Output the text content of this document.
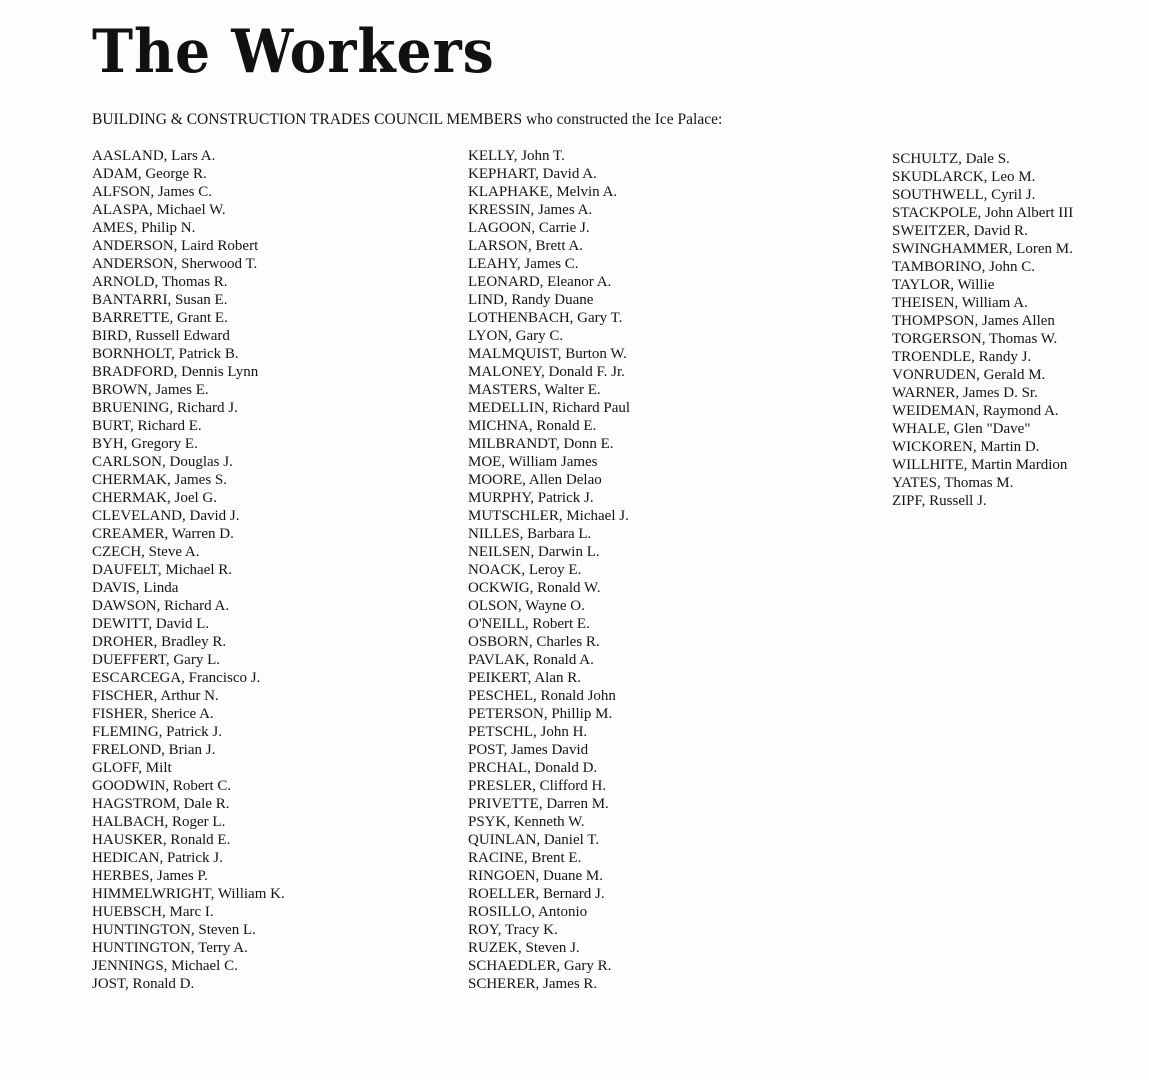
The Workers
BUILDING & CONSTRUCTION TRADES COUNCIL MEMBERS who constructed the Ice Palace:
AASLAND, Lars A.
ADAM, George R.
ALFSON, James C.
ALASPA, Michael W.
AMES, Philip N.
ANDERSON, Laird Robert
ANDERSON, Sherwood T.
ARNOLD, Thomas R.
BANTARRI, Susan E.
BARRETTE, Grant E.
BIRD, Russell Edward
BORNHOLT, Patrick B.
BRADFORD, Dennis Lynn
BROWN, James E.
BRUENING, Richard J.
BURT, Richard E.
BYH, Gregory E.
CARLSON, Douglas J.
CHERMAK, James S.
CHERMAK, Joel G.
CLEVELAND, David J.
CREAMER, Warren D.
CZECH, Steve A.
DAUFELT, Michael R.
DAVIS, Linda
DAWSON, Richard A.
DEWITT, David L.
DROHER, Bradley R.
DUEFFERT, Gary L.
ESCARCEGA, Francisco J.
FISCHER, Arthur N.
FISHER, Sherice A.
FLEMING, Patrick J.
FRELOND, Brian J.
GLOFF, Milt
GOODWIN, Robert C.
HAGSTROM, Dale R.
HALBACH, Roger L.
HAUSKER, Ronald E.
HEDICAN, Patrick J.
HERBES, James P.
HIMMELWRIGHT, William K.
HUEBSCH, Marc I.
HUNTINGTON, Steven L.
HUNTINGTON, Terry A.
JENNINGS, Michael C.
JOST, Ronald D.
KELLY, John T.
KEPHART, David A.
KLAPHAKE, Melvin A.
KRESSIN, James A.
LAGOON, Carrie J.
LARSON, Brett A.
LEAHY, James C.
LEONARD, Eleanor A.
LIND, Randy Duane
LOTHENBACH, Gary T.
LYON, Gary C.
MALMQUIST, Burton W.
MALONEY, Donald F. Jr.
MASTERS, Walter E.
MEDELLIN, Richard Paul
MICHNA, Ronald E.
MILBRANDT, Donn E.
MOE, William James
MOORE, Allen Delao
MURPHY, Patrick J.
MUTSCHLER, Michael J.
NILLES, Barbara L.
NEILSEN, Darwin L.
NOACK, Leroy E.
OCKWIG, Ronald W.
OLSON, Wayne O.
O'NEILL, Robert E.
OSBORN, Charles R.
PAVLAK, Ronald A.
PEIKERT, Alan R.
PESCHEL, Ronald John
PETERSON, Phillip M.
PETSCHL, John H.
POST, James David
PRCHAL, Donald D.
PRESLER, Clifford H.
PRIVETTE, Darren M.
PSYK, Kenneth W.
QUINLAN, Daniel T.
RACINE, Brent E.
RINGOEN, Duane M.
ROELLER, Bernard J.
ROSILLO, Antonio
ROY, Tracy K.
RUZEK, Steven J.
SCHAEDLER, Gary R.
SCHERER, James R.
SCHULTZ, Dale S.
SKUDLARCK, Leo M.
SOUTHWELL, Cyril J.
STACKPOLE, John Albert III
SWEITZER, David R.
SWINGHAMMER, Loren M.
TAMBORINO, John C.
TAYLOR, Willie
THEISEN, William A.
THOMPSON, James Allen
TORGERSON, Thomas W.
TROENDLE, Randy J.
VONRUDEN, Gerald M.
WARNER, James D. Sr.
WEIDEMAN, Raymond A.
WHALE, Glen "Dave"
WICKOREN, Martin D.
WILLHITE, Martin Mardion
YATES, Thomas M.
ZIPF, Russell J.
